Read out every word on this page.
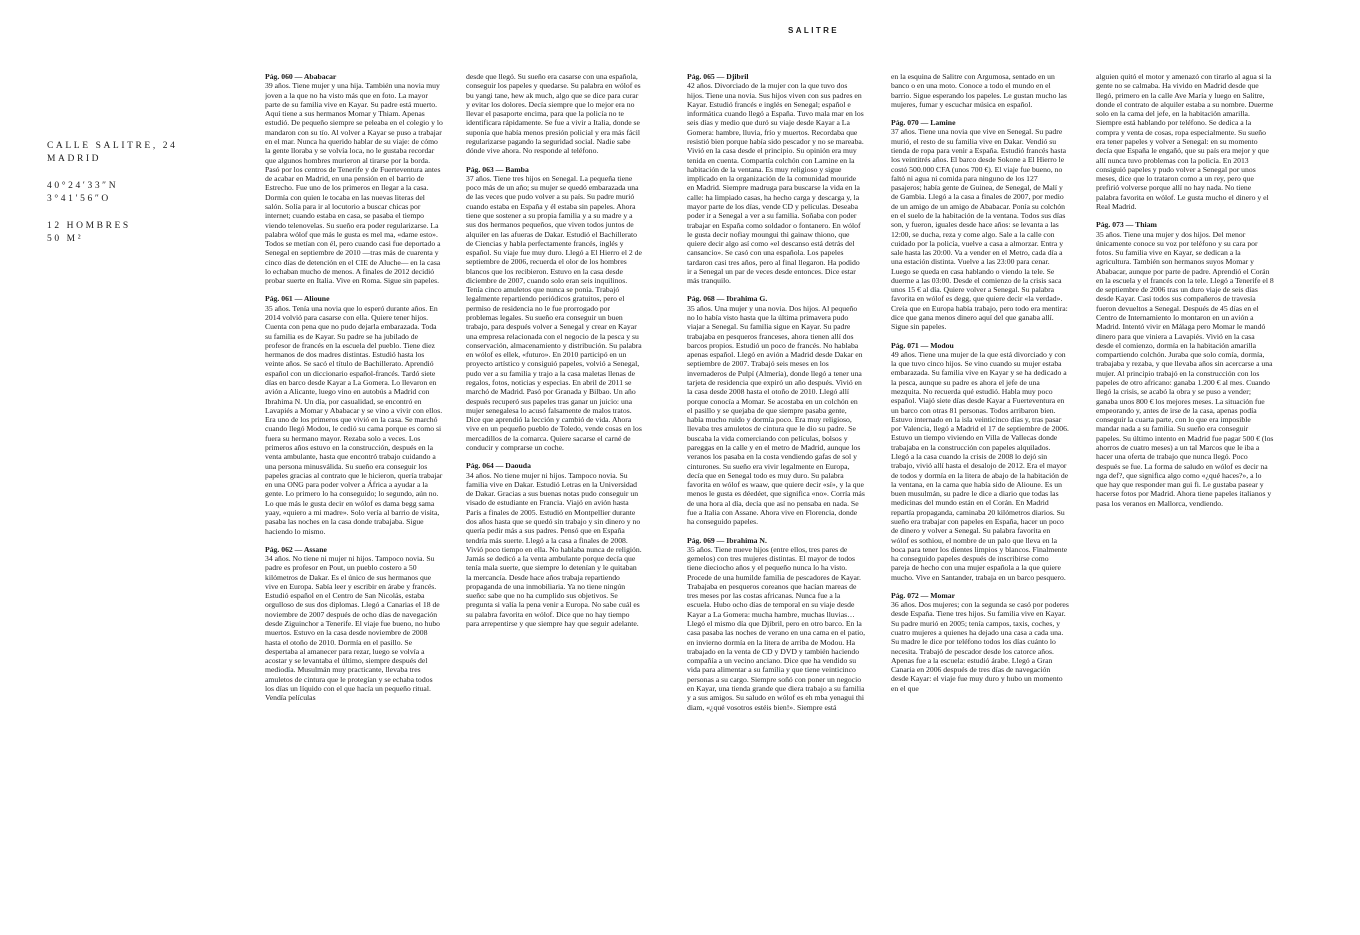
SALITRE
CALLE SALITRE, 24
MADRID
40°24′33″N
3°41′56″O
12 HOMBRES
50 M²
Pág. 060 — Ababacar
39 años. Tiene mujer y una hija. También una novia muy joven a la que no ha visto más que en foto. La mayor parte de su familia vive en Kayar. Su padre está muerto. Aquí tiene a sus hermanos Momar y Thiam. Apenas estudió. De pequeño siempre se peleaba en el colegio y lo mandaron con su tío. Al volver a Kayar se puso a trabajar en el mar. Nunca ha querido hablar de su viaje: de cómo la gente lloraba y se volvía loca, no le gustaba recordar que algunos hombres murieron al tirarse por la borda. Pasó por los centros de Tenerife y de Fuerteventura antes de acabar en Madrid, en una pensión en el barrio de Estrecho. Fue uno de los primeros en llegar a la casa. Dormía con quien le tocaba en las nuevas literas del salón. Solía para ir al locutorio a buscar chicas por internet; cuando estaba en casa, se pasaba el tiempo viendo telenovelas. Su sueño era poder regularizarse. La palabra wólof que más le gusta es mel ma, «dame esto». Todos se metían con él, pero cuando casi fue deportado a Senegal en septiembre de 2010 —tras más de cuarenta y cinco días de detención en el CIE de Aluche— en la casa lo echaban mucho de menos. A finales de 2012 decidió probar suerte en Italia. Vive en Roma. Sigue sin papeles.
Pág. 061 — Alioune
35 años. Tenía una novia que lo esperó durante años. En 2014 volvió para casarse con ella. Quiere tener hijos. Cuenta con pena que no pudo dejarla embarazada. Toda su familia es de Kayar. Su padre se ha jubilado de profesor de francés en la escuela del pueblo. Tiene diez hermanos de dos madres distintas. Estudió hasta los veinte años. Se sacó el título de Bachillerato. Aprendió español con un diccionario español-francés. Tardó siete días en barco desde Kayar a La Gomera. Lo llevaron en avión a Alicante, luego vino en autobús a Madrid con Ibrahima N. Un día, por casualidad, se encontró en Lavapiés a Momar y Ababacar y se vino a vivir con ellos. Era uno de los primeros que vivió en la casa. Se marchó cuando llegó Modou, le cedió su cama porque es como si fuera su hermano mayor. Rezaba solo a veces. Los primeros años estuvo en la construcción, después en la venta ambulante, hasta que encontró trabajo cuidando a una persona minusválida. Su sueño era conseguir los papeles gracias al contrato que le hicieron, quería trabajar en una ONG para poder volver a África a ayudar a la gente. Lo primero lo ha conseguido; lo segundo, aún no. Lo que más le gusta decir en wólof es dama begg sama yaay, «quiero a mi madre». Solo vería al barrio de visita, pasaba las noches en la casa donde trabajaba. Sigue haciendo lo mismo.
Pág. 062 — Assane
34 años. No tiene ni mujer ni hijos. Tampoco novia. Su padre es profesor en Pout, un pueblo costero a 50 kilómetros de Dakar. Es el único de sus hermanos que vive en Europa. Sabía leer y escribir en árabe y francés. Estudió español en el Centro de San Nicolás, estaba orgulloso de sus dos diplomas. Llegó a Canarias el 18 de noviembre de 2007 después de ocho días de navegación desde Ziguinchor a Tenerife. El viaje fue bueno, no hubo muertos. Estuvo en la casa desde noviembre de 2008 hasta el otoño de 2010. Dormía en el pasillo. Se despertaba al amanecer para rezar, luego se volvía a acostar y se levantaba el último, siempre después del mediodía. Musulmán muy practicante, llevaba tres amuletos de cintura que le protegían y se echaba todos los días un líquido con el que hacía un pequeño ritual. Vendía películas
desde que llegó. Su sueño era casarse con una española, conseguir los papeles y quedarse. Su palabra en wólof es bu yangi tane, hew ak much, algo que se dice para curar y evitar los dolores. Decía siempre que lo mejor era no llevar el pasaporte encima, para que la policía no te identificara rápidamente. Se fue a vivir a Italia, donde se suponía que había menos presión policial y era más fácil regularizarse pagando la seguridad social. Nadie sabe dónde vive ahora. No responde al teléfono.
Pág. 063 — Bamba
37 años. Tiene tres hijos en Senegal. La pequeña tiene poco más de un año; su mujer se quedó embarazada una de las veces que pudo volver a su país. Su padre murió cuando estaba en España y él estaba sin papeles. Ahora tiene que sostener a su propia familia y a su madre y a sus dos hermanos pequeños, que viven todos juntos de alquiler en las afueras de Dakar. Estudió el Bachillerato de Ciencias y habla perfectamente francés, inglés y español. Su viaje fue muy duro. Llegó a El Hierro el 2 de septiembre de 2006, recuerda el olor de los hombres blancos que los recibieron. Estuvo en la casa desde diciembre de 2007, cuando solo eran seis inquilinos. Tenía cinco amuletos que nunca se ponía. Trabajó legalmente repartiendo periódicos gratuitos, pero el permiso de residencia no le fue prorrogado por problemas legales. Su sueño era conseguir un buen trabajo, para después volver a Senegal y crear en Kayar una empresa relacionada con el negocio de la pesca y su conservación, almacenamiento y distribución. Su palabra en wólof es ellek, «futuro». En 2010 participó en un proyecto artístico y consiguió papeles, volvió a Senegal, pudo ver a su familia y trajo a la casa maletas llenas de regalos, fotos, noticias y especias. En abril de 2011 se marchó de Madrid. Pasó por Granada y Bilbao. Un año después recuperó sus papeles tras ganar un juicio: una mujer senegalesa lo acusó falsamente de malos tratos. Dice que aprendió la lección y cambió de vida. Ahora vive en un pequeño pueblo de Toledo, vende cosas en los mercadillos de la comarca. Quiere sacarse el carné de conducir y comprarse un coche.
Pág. 064 — Daouda
34 años. No tiene mujer ni hijos. Tampoco novia. Su familia vive en Dakar. Estudió Letras en la Universidad de Dakar. Gracias a sus buenas notas pudo conseguir un visado de estudiante en Francia. Viajó en avión hasta París a finales de 2005. Estudió en Montpellier durante dos años hasta que se quedó sin trabajo y sin dinero y no quería pedir más a sus padres. Pensó que en España tendría más suerte. Llegó a la casa a finales de 2008. Vivió poco tiempo en ella. No hablaba nunca de religión. Jamás se dedicó a la venta ambulante porque decía que tenía mala suerte, que siempre lo detenían y le quitaban la mercancía. Desde hace años trabaja repartiendo propaganda de una inmobiliaria. Ya no tiene ningún sueño: sabe que no ha cumplido sus objetivos. Se pregunta si valía la pena venir a Europa. No sabe cuál es su palabra favorita en wólof. Dice que no hay tiempo para arrepentirse y que siempre hay que seguir adelante.
Pág. 065 — Djibril
42 años. Divorciado de la mujer con la que tuvo dos hijos. Tiene una novia. Sus hijos viven con sus padres en Kayar. Estudió francés e inglés en Senegal; español e informática cuando llegó a España. Tuvo mala mar en los seis días y medio que duró su viaje desde Kayar a La Gomera: hambre, lluvia, frío y muertos. Recordaba que resistió bien porque había sido pescador y no se mareaba. Vivió en la casa desde el principio. Su opinión era muy tenida en cuenta. Compartía colchón con Lamine en la habitación de la ventana. Es muy religioso y sigue implicado en la organización de la comunidad mouride en Madrid. Siempre madruga para buscarse la vida en la calle: ha limpiado casas, ha hecho carga y descarga y, la mayor parte de los días, vende CD y películas. Deseaba poder ir a Senegal a ver a su familia. Soñaba con poder trabajar en España como soldador o fontanero. En wólof le gusta decir nofiay moungui thi gainaw thiono, que quiere decir algo así como «el descanso está detrás del cansancio». Se casó con una española. Los papeles tardaron casi tres años, pero al final llegaron. Ha podido ir a Senegal un par de veces desde entonces. Dice estar más tranquilo.
Pág. 068 — Ibrahima G.
35 años. Una mujer y una novia. Dos hijos. Al pequeño no lo había visto hasta que la última primavera pudo viajar a Senegal. Su familia sigue en Kayar. Su padre trabajaba en pesqueros franceses, ahora tienen allí dos barcos propios. Estudió un poco de francés. No hablaba apenas español. Llegó en avión a Madrid desde Dakar en septiembre de 2007. Trabajó seis meses en los invernaderos de Pulpí (Almería), donde llegó a tener una tarjeta de residencia que expiró un año después. Vivió en la casa desde 2008 hasta el otoño de 2010. Llegó allí porque conocía a Momar. Se acostaba en un colchón en el pasillo y se quejaba de que siempre pasaba gente, había mucho ruido y dormía poco. Era muy religioso, llevaba tres amuletos de cintura que le dio su padre. Se buscaba la vida comerciando con películas, bolsos y pareggas en la calle y en el metro de Madrid, aunque los veranos los pasaba en la costa vendiendo gafas de sol y cinturones. Su sueño era vivir legalmente en Europa, decía que en Senegal todo es muy duro. Su palabra favorita en wólof es waaw, que quiere decir «sí», y la que menos le gusta es déedéet, que significa «no». Corría más de una hora al día, decía que así no pensaba en nada. Se fue a Italia con Assane. Ahora vive en Florencia, donde ha conseguido papeles.
Pág. 069 — Ibrahima N.
35 años. Tiene nueve hijos (entre ellos, tres pares de gemelos) con tres mujeres distintas. El mayor de todos tiene dieciocho años y el pequeño nunca lo ha visto. Procede de una humilde familia de pescadores de Kayar. Trabajaba en pesqueros coreanos que hacían mareas de tres meses por las costas africanas. Nunca fue a la escuela. Hubo ocho días de temporal en su viaje desde Kayar a La Gomera: mucha hambre, muchas lluvias… Llegó el mismo día que Djibril, pero en otro barco. En la casa pasaba las noches de verano en una cama en el patio, en invierno dormía en la litera de arriba de Modou. Ha trabajado en la venta de CD y DVD y también haciendo compañía a un vecino anciano. Dice que ha vendido su vida para alimentar a su familia y que tiene veinticinco personas a su cargo. Siempre soñó con poner un negocio en Kayar, una tienda grande que diera trabajo a su familia y a sus amigos. Su saludo en wólof es eh mba yenagui thi diam, «¿qué vosotros estéis bien!». Siempre está
en la esquina de Salitre con Argumosa, sentado en un banco o en una moto. Conoce a todo el mundo en el barrio. Sigue esperando los papeles. Le gustan mucho las mujeres, fumar y escuchar música en español.
Pág. 070 — Lamine
37 años. Tiene una novia que vive en Senegal. Su padre murió, el resto de su familia vive en Dakar. Vendió su tienda de ropa para venir a España. Estudió francés hasta los veintitrés años. El barco desde Sokone a El Hierro le costó 500.000 CFA (unos 700 €). El viaje fue bueno, no faltó ni agua ni comida para ninguno de los 127 pasajeros; había gente de Guinea, de Senegal, de Malí y de Gambia. Llegó a la casa a finales de 2007, por medio de un amigo de un amigo de Ababacar. Ponía su colchón en el suelo de la habitación de la ventana. Todos sus días son, y fueron, iguales desde hace años: se levanta a las 12:00, se ducha, reza y come algo. Sale a la calle con cuidado por la policía, vuelve a casa a almorzar. Entra y sale hasta las 20:00. Va a vender en el Metro, cada día a una estación distinta. Vuelve a las 23:00 para cenar. Luego se queda en casa hablando o viendo la tele. Se duerme a las 03:00. Desde el comienzo de la crisis saca unos 15 € al día. Quiere volver a Senegal. Su palabra favorita en wólof es degg, que quiere decir «la verdad». Creía que en Europa había trabajo, pero todo era mentira: dice que gana menos dinero aquí del que ganaba allí. Sigue sin papeles.
Pág. 071 — Modou
49 años. Tiene una mujer de la que está divorciado y con la que tuvo cinco hijos. Se vino cuando su mujer estaba embarazada. Su familia vive en Kayar y se ha dedicado a la pesca, aunque su padre es ahora el jefe de una mezquita. No recuerda qué estudió. Habla muy poco español. Viajó siete días desde Kayar a Fuerteventura en un barco con otras 81 personas. Todos arribaron bien. Estuvo internado en la isla veinticinco días y, tras pasar por Valencia, llegó a Madrid el 17 de septiembre de 2006. Estuvo un tiempo viviendo en Villa de Vallecas donde trabajaba en la construcción con papeles alquilados. Llegó a la casa cuando la crisis de 2008 lo dejó sin trabajo, vivió allí hasta el desalojo de 2012. Era el mayor de todos y dormía en la litera de abajo de la habitación de la ventana, en la cama que había sido de Alioune. Es un buen musulmán, su padre le dice a diario que todas las medicinas del mundo están en el Corán. En Madrid repartía propaganda, caminaba 20 kilómetros diarios. Su sueño era trabajar con papeles en España, hacer un poco de dinero y volver a Senegal. Su palabra favorita en wólof es sothiou, el nombre de un palo que lleva en la boca para tener los dientes limpios y blancos. Finalmente ha conseguido papeles después de inscribirse como pareja de hecho con una mujer española a la que quiere mucho. Vive en Santander, trabaja en un barco pesquero.
Pág. 072 — Momar
36 años. Dos mujeres; con la segunda se casó por poderes desde España. Tiene tres hijos. Su familia vive en Kayar. Su padre murió en 2005; tenía campos, taxis, coches, y cuatro mujeres a quienes ha dejado una casa a cada una. Su madre le dice por teléfono todos los días cuánto lo necesita. Trabajó de pescador desde los catorce años. Apenas fue a la escuela: estudió árabe. Llegó a Gran Canaria en 2006 después de tres días de navegación desde Kayar: el viaje fue muy duro y hubo un momento en el que
alguien quitó el motor y amenazó con tirarlo al agua si la gente no se calmaba. Ha vivido en Madrid desde que llegó, primero en la calle Ave María y luego en Salitre, donde el contrato de alquiler estaba a su nombre. Duerme solo en la cama del jefe, en la habitación amarilla. Siempre está hablando por teléfono. Se dedica a la compra y venta de cosas, ropa especialmente. Su sueño era tener papeles y volver a Senegal: en su momento decía que España le engañó, que su país era mejor y que allí nunca tuvo problemas con la policía. En 2013 consiguió papeles y pudo volver a Senegal por unos meses, dice que lo trataron como a un rey, pero que prefirió volverse porque allí no hay nada. No tiene palabra favorita en wólof. Le gusta mucho el dinero y el Real Madrid.
Pág. 073 — Thiam
35 años. Tiene una mujer y dos hijos. Del menor únicamente conoce su voz por teléfono y su cara por fotos. Su familia vive en Kayar, se dedican a la agricultura. También son hermanos suyos Momar y Ababacar, aunque por parte de padre. Aprendió el Corán en la escuela y el francés con la tele. Llegó a Tenerife el 8 de septiembre de 2006 tras un duro viaje de seis días desde Kayar. Casi todos sus compañeros de travesía fueron devueltos a Senegal. Después de 45 días en el Centro de Internamiento lo montaron en un avión a Madrid. Intentó vivir en Málaga pero Momar le mandó dinero para que viniera a Lavapiés. Vivió en la casa desde el comienzo, dormía en la habitación amarilla compartiendo colchón. Juraba que solo comía, dormía, trabajaba y rezaba, y que llevaba años sin acercarse a una mujer. Al principio trabajó en la construcción con los papeles de otro africano: ganaba 1.200 € al mes. Cuando llegó la crisis, se acabó la obra y se puso a vender; ganaba unos 800 € los mejores meses. La situación fue empeorando y, antes de irse de la casa, apenas podía conseguir la cuarta parte, con lo que era imposible mandar nada a su familia. Su sueño era conseguir papeles. Su último intento en Madrid fue pagar 500 € (los ahorros de cuatro meses) a un tal Marcos que le iba a hacer una oferta de trabajo que nunca llegó. Poco después se fue. La forma de saludo en wólof es decir na nga def?, que significa algo como «¿qué haces?», a lo que hay que responder man gui fi. Le gustaba pasear y hacerse fotos por Madrid. Ahora tiene papeles italianos y pasa los veranos en Mallorca, vendiendo.
